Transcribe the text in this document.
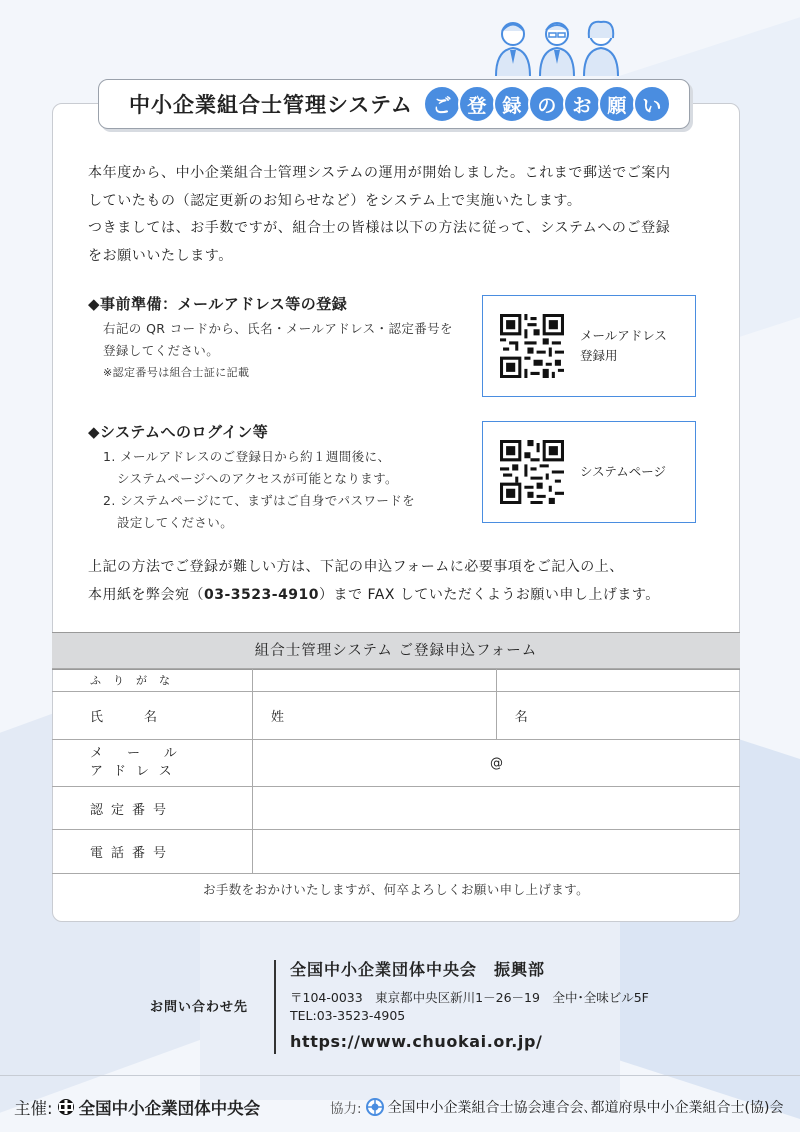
中小企業組合士管理システム	ご 登 録 の お 願 い
本年度から、中小企業組合士管理システムの運用が開始しました。これまで郵送でご案内
していたもの（認定更新のお知らせなど）をシステム上で実施いたします。
つきましては、お手数ですが、組合士の皆様は以下の方法に従って、システムへのご登録
をお願いいたします。
◆事前準備：メールアドレス等の登録
右記の QR コードから、氏名・メールアドレス・認定番号を
登録してください。
※認定番号は組合士証に記載
メールアドレス
登録用
◆システムへのログイン等
1. メールアドレスのご登録日から約１週間後に、
システムページへのアクセスが可能となります。
2. システムページにて、まずはご自身でパスワードを
設定してください。
システムページ
上記の方法でご登録が難しい方は、下記の申込フォームに必要事項をご記入の上、
本用紙を弊会宛（03-3523-4910）まで FAX していただくようお願い申し上げます。
組合士管理システム ご登録申込フォーム
ふりがな		
氏　名	姓	名

メール
アドレス	@	
認定番号		
電話番号		
お手数をおかけいたしますが、何卒よろしくお願い申し上げます。
お問い合わせ先
全国中小企業団体中央会　振興部
〒104-0033　東京都中央区新川1－26－19　全中･全味ビル5F
TEL:03-3523-4905
https://www.chuokai.or.jp/
主催: 全国中小企業団体中央会	協力: 全国中小企業組合士協会連合会､都道府県中小企業組合士(協)会
